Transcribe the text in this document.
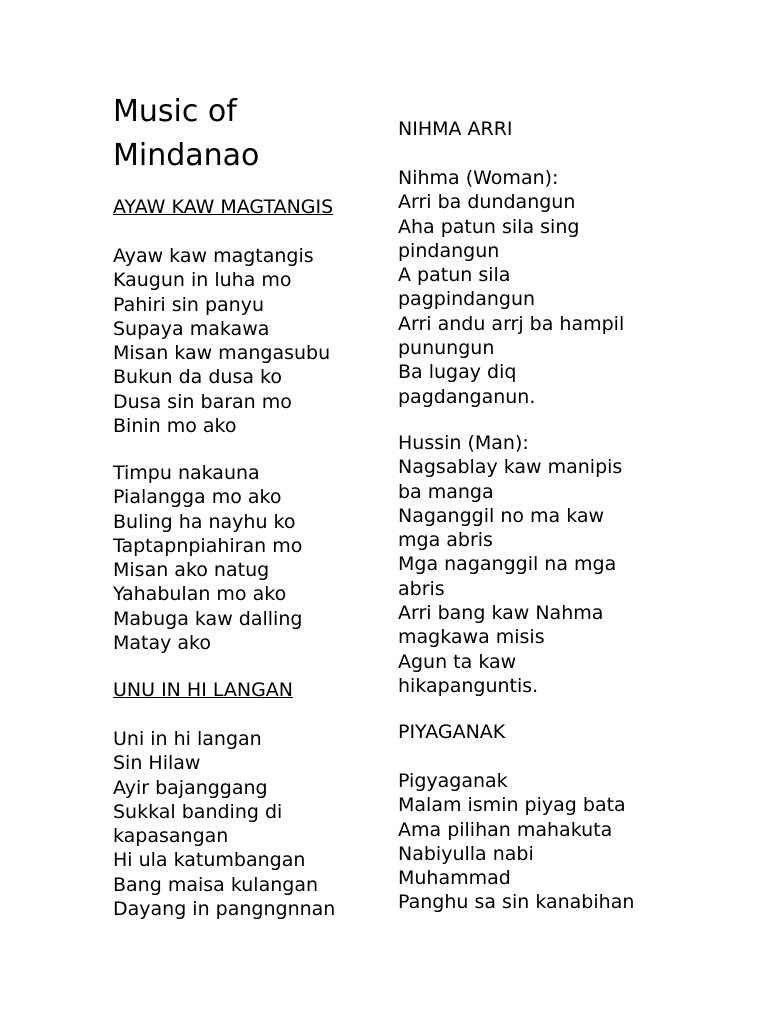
Music of
Mindanao
AYAW KAW MAGTANGIS
Ayaw kaw magtangis
Kaugun in luha mo
Pahiri sin panyu
Supaya makawa
Misan kaw mangasubu
Bukun da dusa ko
Dusa sin baran mo
Binin mo ako
Timpu nakauna
Pialangga mo ako
Buling ha nayhu ko
Taptapnpiahiran mo
Misan ako natug
Yahabulan mo ako
Mabuga kaw dalling
Matay ako
UNU IN HI LANGAN
Uni in hi langan
Sin Hilaw
Ayir bajanggang
Sukkal banding di
kapasangan
Hi ula katumbangan
Bang maisa kulangan
Dayang in pangngnnan
NIHMA ARRI
Nihma (Woman):
Arri ba dundangun
Aha patun sila sing
pindangun
A patun sila
pagpindangun
Arri andu arrj ba hampil
punungun
Ba lugay diq
pagdanganun.
Hussin (Man):
Nagsablay kaw manipis
ba manga
Naganggil no ma kaw
mga abris
Mga naganggil na mga
abris
Arri bang kaw Nahma
magkawa misis
Agun ta kaw
hikapanguntis.
PIYAGANAK
Pigyaganak
Malam ismin piyag bata
Ama pilihan mahakuta
Nabiyulla nabi
Muhammad
Panghu sa sin kanabihan
